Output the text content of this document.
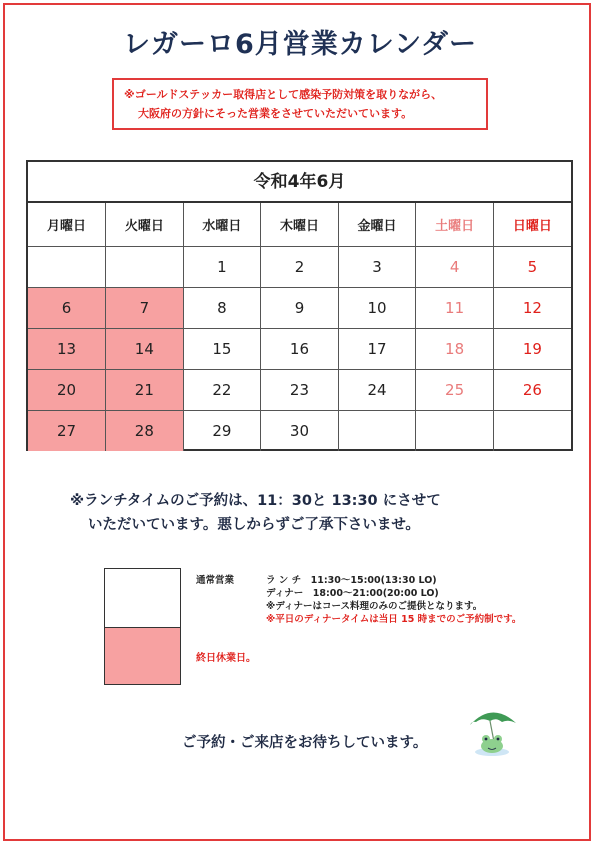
レガーロ6月営業カレンダー
※ゴールドステッカー取得店として感染予防対策を取りながら、
大阪府の方針にそった営業をさせていただいています。
令和4年6月
月曜日	火曜日	水曜日	木曜日	金曜日	土曜日	日曜日
		1	2	3	4	5
6	7	8	9	10	11	12
13	14	15	16	17	18	19
20	21	22	23	24	25	26
27	28	29	30			
※ランチタイムのご予約は、11：30と 13:30 にさせて
いただいています。悪しからずご了承下さいませ。
通常営業	ラ ン チ　11:30～15:00(13:30 LO)
ディナー　18:00～21:00(20:00 LO)
※ディナーはコース料理のみのご提供となります。
※平日のディナータイムは当日 15 時までのご予約制です。
終日休業日。
ご予約・ご来店をお待ちしています。
